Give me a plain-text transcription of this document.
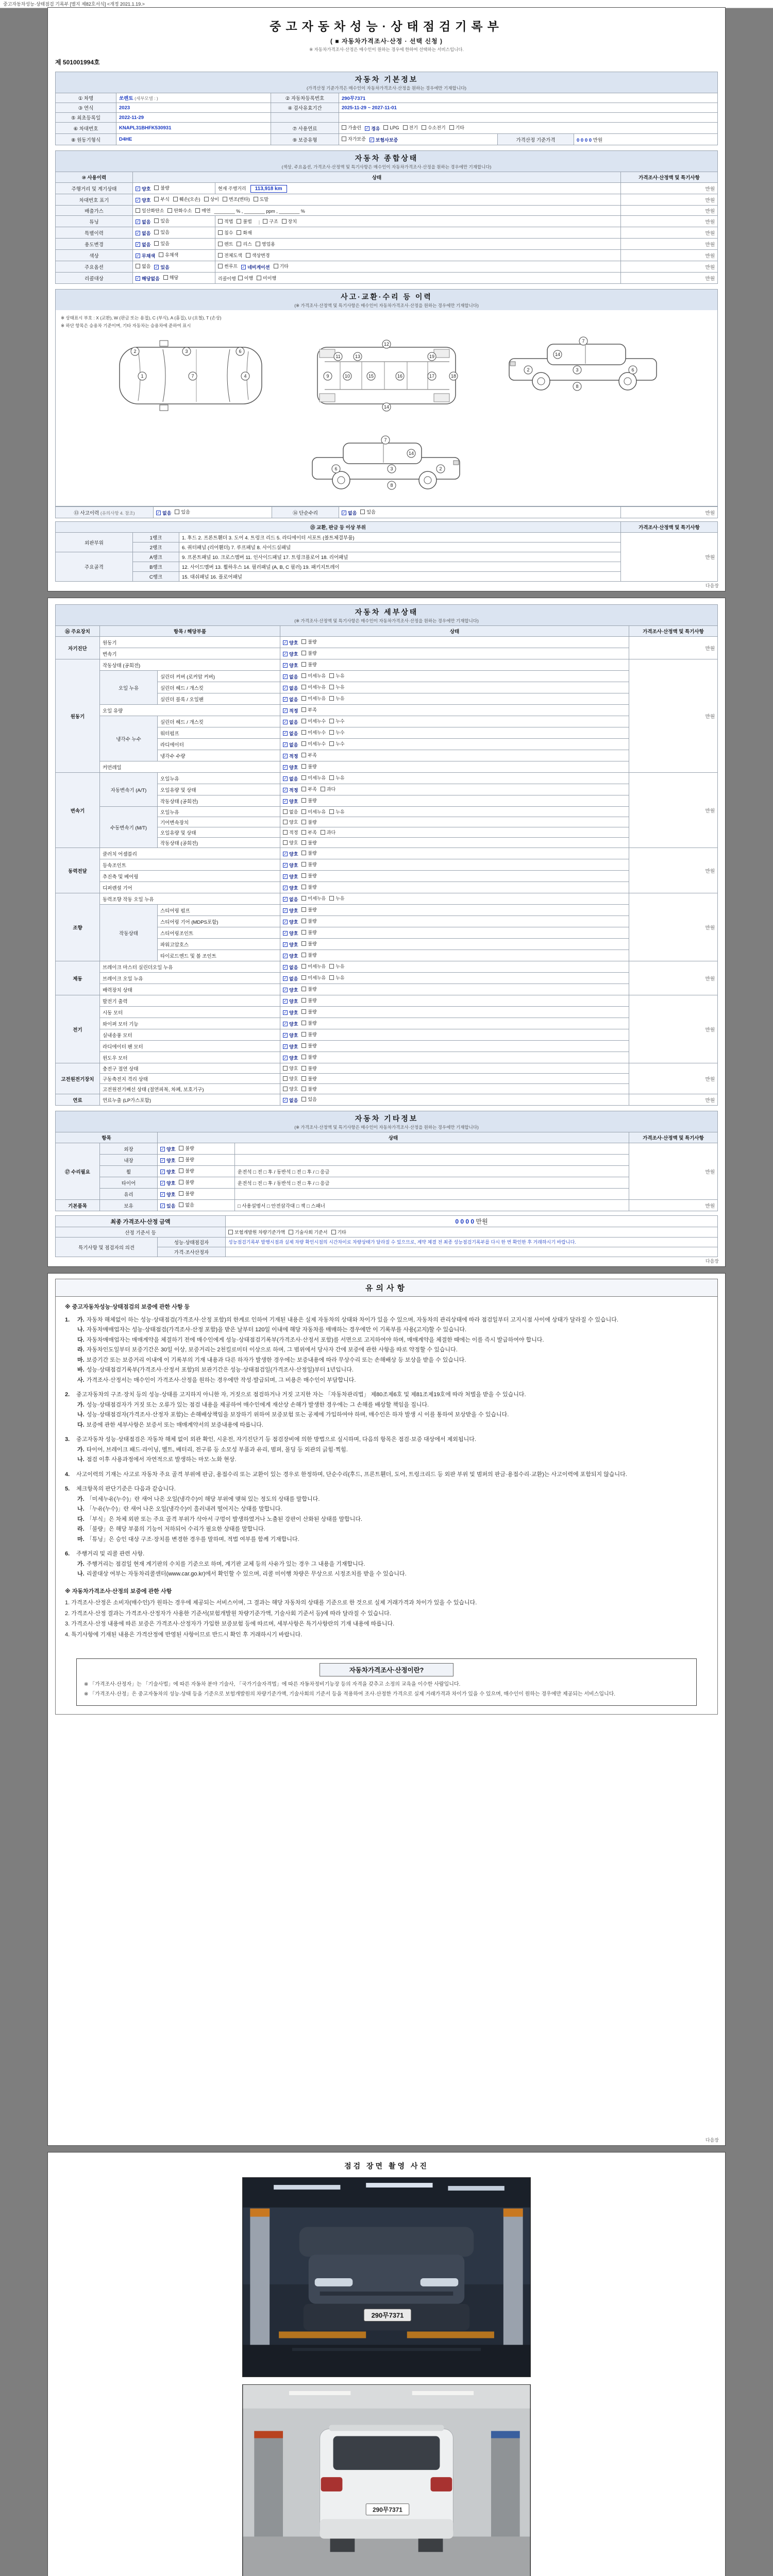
중고자동차성능·상태점검 기록부 [별지 제82호서식] <개정 2021.1.19.>
중고자동차성능·상태점검기록부
( ■ 자동차가격조사·산정 · 선택 신청 )
※ 자동차가격조사·산정은 매수인이 원하는 경우에 한하여 선택하는 서비스입니다.
제 501001994호
자동차 기본정보
(가격산정 기준가격은 매수인이 자동차가격조사·산정을 원하는 경우에만 기재합니다)
① 차명	쏘렌토 (세부모델 : )	② 자동차등록번호	290무7371		
③ 연식	2023	④ 검사유효기간	2025-11-29 ~ 2027-11-01		
⑤ 최초등록일	2022-11-29				
⑥ 차대번호	KNAPL31BHFK530931	⑦ 사용연료	가솔린 ✓ 경유 LPG 전기 수소전기 기타

⑧ 원동기형식	D4HE	⑨ 보증유형	자가보증 ✓ 보험사보증	가격산정 기준가격	0 0 0 0 만원
자동차 종합상태
(색상, 주요옵션, 가격조사·산정액 및 특기사항은 매수인이 자동차가격조사·산정을 원하는 경우에만 기재합니다)
⑩ 사용이력	상태		가격조사·산정액 및 특기사항
주행거리 및 계기상태	✓ 양호 불량	현재 주행거리 113,918 km	만원
차대번호 표기	✓ 양호 부식 훼손(오손) 상이 변조(변타) 도말	만원
배출가스	일산화탄소 탄화수소 매연 ________ % , ________ ppm , ________ %		만원
튜닝	✓ 없음 있음	적법 불법 | 구조 장치	만원
특별이력	✓ 없음 있음	침수 화재	만원
용도변경	✓ 없음 있음	렌트 리스 영업용	만원
색상	✓ 무채색 유채색	전체도색 색상변경	만원
주요옵션	없음 ✓ 있음	썬루프 ✓ 네비게이션 기타	만원
리콜대상	✓ 해당없음 해당	리콜이행 이행 미이행	만원
사고·교환·수리 등 이력
(※ 가격조사·산정액 및 특기사항은 매수인이 자동차가격조사·산정을 원하는 경우에만 기재합니다)
※ 상태표시 부호 : X (교환), W (판금 또는 용접), C (부식), A (흠집), U (요철), T (손상)
※ 하단 항목은 승용차 기준이며, 기타 자동차는 승용차에 준하여 표시
1
2	3
7
6
4	9	10
11
12
13
15	16
19
17	18
14
2	3	6
7
8
14
2
3
6
7
8
14
⑬ 사고이력 (유의사항 4. 참조)	✓ 없음 있음	⑭ 단순수리	✓ 없음 있음	만원
⑮ 교환, 판금 등 이상 부위			가격조사·산정액 및 특기사항
외판부위	1랭크	1. 후드 2. 프론트휀더 3. 도어 4. 트렁크 리드 5. 라디에이터 서포트 (볼트체결부품)	만원
	2랭크	6. 쿼터패널 (리어휀더) 7. 루프패널 8. 사이드실패널	
주요골격	A랭크	9. 프론트패널 10. 크로스멤버 11. 인사이드패널 17. 트렁크플로어 18. 리어패널	
	B랭크	12. 사이드멤버 13. 휠하우스 14. 필러패널 (A, B, C 필러) 19. 패키지트레이	
	C랭크	15. 대쉬패널 16. 플로어패널	
다음장
자동차 세부상태
(※ 가격조사·산정액 및 특기사항은 매수인이 자동차가격조사·산정을 원하는 경우에만 기재합니다)
⑯ 주요장치	항목 / 해당부품		상태	가격조사·산정액 및 특기사항
자기진단	원동기		✓ 양호 불량	만원
	변속기		✓ 양호 불량	

원동기	작동상태 (공회전)		✓ 양호 불량	만원
	오일 누유	실린더 커버 (로커암 커버)	✓ 없음 미세누유 누유	

		실린더 헤드 / 개스킷	✓ 없음 미세누유 누유	

		실린더 블록 / 오일팬	✓ 없음 미세누유 누유	

	오일 유량		✓ 적정 부족	

	냉각수 누수	실린더 헤드 / 개스킷	✓ 없음 미세누수 누수	

		워터펌프	✓ 없음 미세누수 누수	

		라디에이터	✓ 없음 미세누수 누수	

		냉각수 수량	✓ 적정 부족	

	커먼레일		✓ 양호 불량	

변속기	자동변속기 (A/T)	오일누유	✓ 없음 미세누유 누유	만원
		오일유량 및 상태	✓ 적정 부족 과다	

		작동상태 (공회전)	✓ 양호 불량	

	수동변속기 (M/T)	오일누유	없음 미세누유 누유	

		기어변속장치	양호 불량	

		오일유량 및 상태	적정 부족 과다	

		작동상태 (공회전)	양호 불량	

동력전달	클러치 어셈블리		✓ 양호 불량	만원
	등속조인트		✓ 양호 불량	

	추진축 및 베어링		✓ 양호 불량	

	디퍼렌셜 기어		✓ 양호 불량	

조향	동력조향 작동 오일 누유		✓ 없음 미세누유 누유	만원
	작동상태	스티어링 펌프	✓ 양호 불량	

		스티어링 기어 (MDPS포함)	✓ 양호 불량	

		스티어링조인트	✓ 양호 불량	

		파워고압호스	✓ 양호 불량	

		타이로드엔드 및 볼 조인트	✓ 양호 불량	

제동	브레이크 마스터 실린더오일 누유		✓ 없음 미세누유 누유	만원
	브레이크 오일 누유		✓ 없음 미세누유 누유	

	배력장치 상태		✓ 양호 불량	

전기	발전기 출력		✓ 양호 불량	만원
	시동 모터		✓ 양호 불량	

	와이퍼 모터 기능		✓ 양호 불량	

	실내송풍 모터		✓ 양호 불량	

	라디에이터 팬 모터		✓ 양호 불량	

	윈도우 모터		✓ 양호 불량	

고전원전기장치	충전구 절연 상태		양호 불량	만원
	구동축전지 격리 상태		양호 불량	

	고전원전기배선 상태 (절연피복, 차폐, 보호기구)		양호 불량	

연료	연료누출 (LP가스포함)		✓ 없음 있음	만원
자동차 기타정보
(※ 가격조사·산정액 및 특기사항은 매수인이 자동차가격조사·산정을 원하는 경우에만 기재합니다)
항목		상태		가격조사·산정액 및 특기사항
⑰ 수리필요	외장	✓ 양호 불량		만원
	내장	✓ 양호 불량		

	휠	✓ 양호 불량	운전석 □ 전 □ 후 / 동반석 □ 전 □ 후 / □ 응급	
	타이어	✓ 양호 불량	운전석 □ 전 □ 후 / 동반석 □ 전 □ 후 / □ 응급	
	유리	✓ 양호 불량		

기본품목	보유	✓ 있음 없음	□ 사용설명서 □ 안전삼각대 □ 잭 □ 스패너	만원
최종 가격조사·산정 금액		0 0 0 0 만원
산정 기준서 등		보험개발원 차량기준가액 기술사회 기준서 기타

특기사항 및 점검자의 의견	성능·상태점검자	성능점검기록부 발행시점과 실제 차량 확인시점의 시간차이로 차량상태가 달라질 수 있으므로, 계약 체결 전 최종 성능점검기록부를 다시 한 번 확인한 후 거래하시기 바랍니다.
	가격·조사산정자	
다음장
유의사항

※ 중고자동차성능·상태점검의 보증에 관한 사항 등

1.	가. 자동차 해체없이 하는 성능·상태점검(가격조사·산정 포함)의 한계로 인하여 기재된 내용은 실제 자동차의 상태와 차이가 있을 수 있으며, 자동차의 관리상태에 따라 점검일부터 고지시점 사이에 상태가 달라질 수 있습니다.

나. 자동차매매업자는 성능·상태점검(가격조사·산정 포함)을 받은 날부터 120일 이내에 해당 자동차를 매매하는 경우에만 이 기록부를 사용(고지)할 수 있습니다.

다. 자동차매매업자는 매매계약을 체결하기 전에 매수인에게 성능·상태점검기록부(가격조사·산정서 포함)를 서면으로 고지하여야 하며, 매매계약을 체결한 때에는 이를 즉시 발급하여야 합니다.

라. 자동차인도일부터 보증기간은 30일 이상, 보증거리는 2천킬로미터 이상으로 하며, 그 범위에서 당사자 간에 보증에 관한 사항을 따로 약정할 수 있습니다.

마. 보증기간 또는 보증거리 이내에 이 기록부의 기재 내용과 다른 하자가 발생한 경우에는 보증내용에 따라 무상수리 또는 손해배상 등 보상을 받을 수 있습니다.

바. 성능·상태점검기록부(가격조사·산정서 포함)의 보관기간은 성능·상태점검일(가격조사·산정일)부터 1년입니다.

사. 가격조사·산정서는 매수인이 가격조사·산정을 원하는 경우에만 작성·발급되며, 그 비용은 매수인이 부담합니다.

2.	중고자동차의 구조·장치 등의 성능·상태를 고지하지 아니한 자, 거짓으로 점검하거나 거짓 고지한 자는 「자동차관리법」 제80조제6호 및 제81조제19호에 따라 처벌을 받을 수 있습니다.

가. 성능·상태점검자가 거짓 또는 오류가 있는 점검 내용을 제공하여 매수인에게 재산상 손해가 발생한 경우에는 그 손해를 배상할 책임을 집니다.

나. 성능·상태점검자(가격조사·산정자 포함)는 손해배상책임을 보장하기 위하여 보증보험 또는 공제에 가입하여야 하며, 매수인은 하자 발생 시 이를 통하여 보상받을 수 있습니다.

다. 보증에 관한 세부사항은 보증서 또는 매매계약서의 보증내용에 따릅니다.

3.	중고자동차 성능·상태점검은 자동차 해체 없이 외관 확인, 시운전, 자기진단기 등 점검장비에 의한 방법으로 실시하며, 다음의 항목은 점검·보증 대상에서 제외됩니다.

가. 타이어, 브레이크 패드·라이닝, 벨트, 배터리, 전구류 등 소모성 부품과 유리, 범퍼, 몰딩 등 외관의 긁힘·찍힘.

나. 점검 이후 사용과정에서 자연적으로 발생하는 마모·노화 현상.

4.	사고이력의 기재는 사고로 자동차 주요 골격 부위에 판금, 용접수리 또는 교환이 있는 경우로 한정하며, 단순수리(후드, 프론트휀더, 도어, 트렁크리드 등 외판 부위 및 범퍼의 판금·용접수리·교환)는 사고이력에 포함되지 않습니다.

5.	체크항목의 판단기준은 다음과 같습니다.

가. 「미세누유(누수)」란 새어 나온 오일(냉각수)이 해당 부위에 맺혀 있는 정도의 상태를 말합니다.

나. 「누유(누수)」란 새어 나온 오일(냉각수)이 흘러내려 떨어지는 상태를 말합니다.

다. 「부식」은 차체 외판 또는 주요 골격 부위가 삭아서 구멍이 발생하였거나 노출된 강판이 산화된 상태를 말합니다.

라. 「불량」은 해당 부품의 기능이 저하되어 수리가 필요한 상태를 말합니다.

마. 「튜닝」은 승인 대상 구조·장치를 변경한 경우를 말하며, 적법 여부를 함께 기재합니다.

6.	주행거리 및 리콜 관련 사항.

가. 주행거리는 점검일 현재 계기판의 수치를 기준으로 하며, 계기판 교체 등의 사유가 있는 경우 그 내용을 기재합니다.

나. 리콜대상 여부는 자동차리콜센터(www.car.go.kr)에서 확인할 수 있으며, 리콜 미이행 차량은 무상으로 시정조치를 받을 수 있습니다.

※ 자동차가격조사·산정의 보증에 관한 사항

1. 가격조사·산정은 소비자(매수인)가 원하는 경우에 제공되는 서비스이며, 그 결과는 해당 자동차의 상태를 기준으로 한 것으로 실제 거래가격과 차이가 있을 수 있습니다.

2. 가격조사·산정 결과는 가격조사·산정자가 사용한 기준서(보험개발원 차량기준가액, 기술사회 기준서 등)에 따라 달라질 수 있습니다.

3. 가격조사·산정 내용에 따른 보증은 가격조사·산정자가 가입한 보증보험 등에 따르며, 세부사항은 특기사항란의 기재 내용에 따릅니다.

4. 특기사항에 기재된 내용은 가격산정에 반영된 사항이므로 반드시 확인 후 거래하시기 바랍니다.

자동차가격조사·산정이란?

※ 「가격조사·산정자」는 「기술사법」에 따른 자동차 분야 기술사, 「국가기술자격법」에 따른 자동차정비기능장 등의 자격을 갖추고 소정의 교육을 이수한 사람입니다.

※ 「가격조사·산정」은 중고자동차의 성능·상태 등을 기준으로 보험개발원의 차량기준가액, 기술사회의 기준서 등을 적용하여 조사·산정한 가격으로 실제 거래가격과 차이가 있을 수 있으며, 매수인이 원하는 경우에만 제공되는 서비스입니다.

다음장
점검 장면 촬영 사진
290무7371
290무7371
